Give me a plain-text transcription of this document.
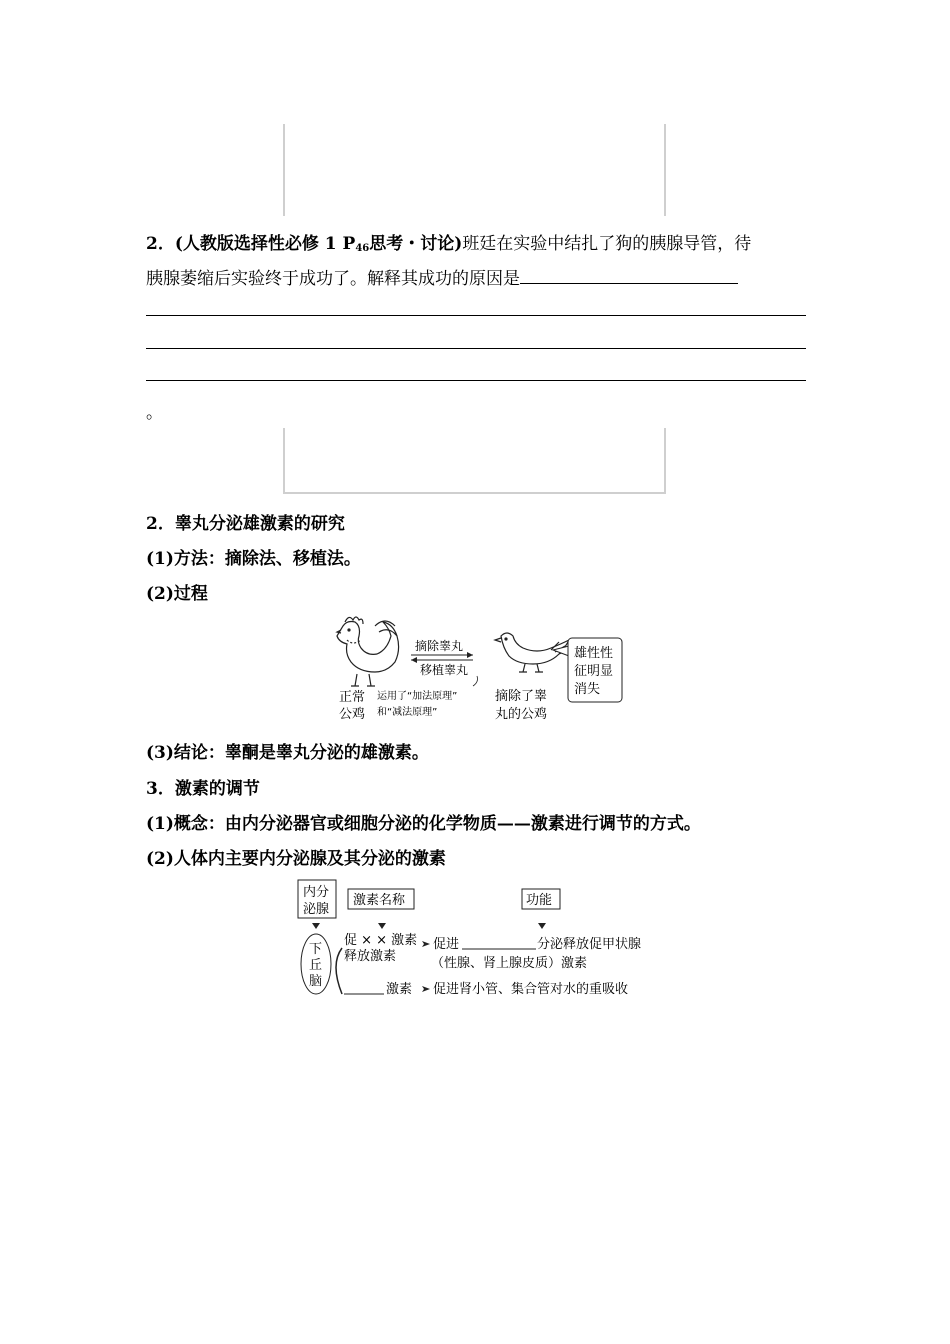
2．(人教版选择性必修 1 $P_{46}$思考・讨论)班廷在实验中结扎了狗的胰腺导管，待
胰腺萎缩后实验终于成功了。解释其成功的原因是
。
2．睾丸分泌雄激素的研究
(1)方法：摘除法、移植法。
(2)过程
正常
公鸡
摘除睾丸
移植睾丸
运用了“加法原理”
和“减法原理”
摘除了睾
丸的公鸡
雄性性
征明显
消失
(3)结论：睾酮是睾丸分泌的雄激素。
3．激素的调节
(1)概念：由内分泌器官或细胞分泌的化学物质——激素进行调节的方式。
(2)人体内主要内分泌腺及其分泌的激素
内分
泌腺
激素名称	功能
下
丘
脑
促 × × 激素
释放激素
促进	分泌释放促甲状腺
（性腺、肾上腺皮质）激素
激素 促进肾小管、集合管对水的重吸收
